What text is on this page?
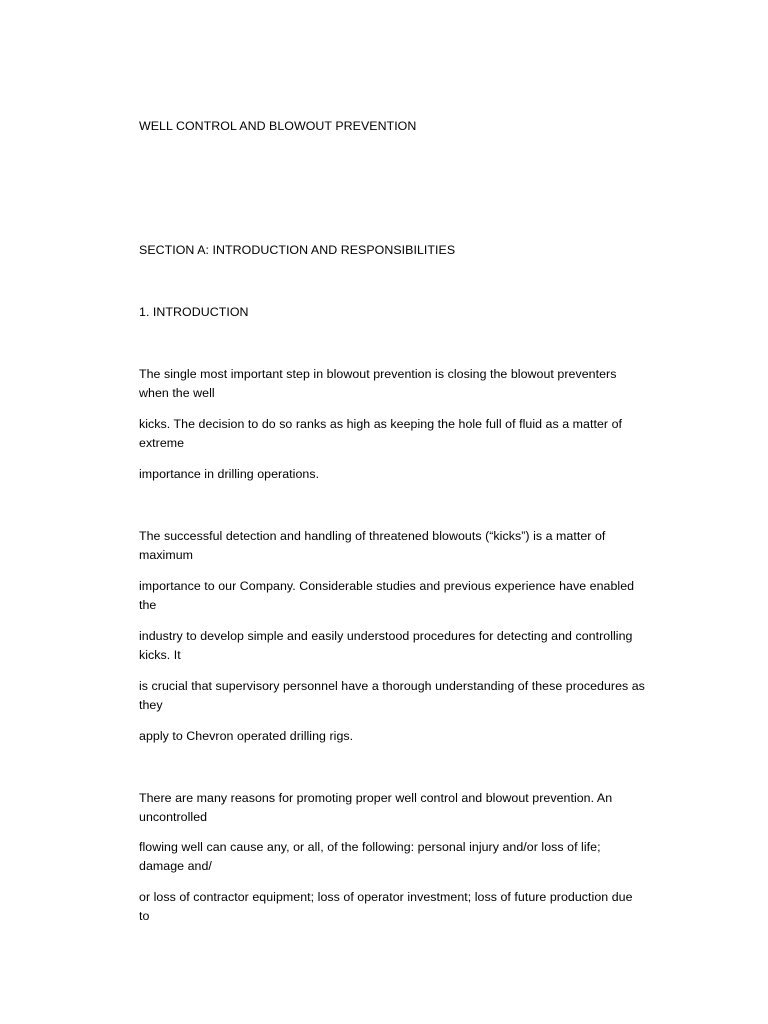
WELL CONTROL AND BLOWOUT PREVENTION
SECTION A: INTRODUCTION AND RESPONSIBILITIES
1. INTRODUCTION
The single most important step in blowout prevention is closing the blowout preventers
when the well
kicks. The decision to do so ranks as high as keeping the hole full of fluid as a matter of
extreme
importance in drilling operations.
The successful detection and handling of threatened blowouts (“kicks”) is a matter of
maximum
importance to our Company. Considerable studies and previous experience have enabled
the
industry to develop simple and easily understood procedures for detecting and controlling
kicks. It
is crucial that supervisory personnel have a thorough understanding of these procedures as
they
apply to Chevron operated drilling rigs.
There are many reasons for promoting proper well control and blowout prevention. An
uncontrolled
flowing well can cause any, or all, of the following: personal injury and/or loss of life;
damage and/
or loss of contractor equipment; loss of operator investment; loss of future production due
to
